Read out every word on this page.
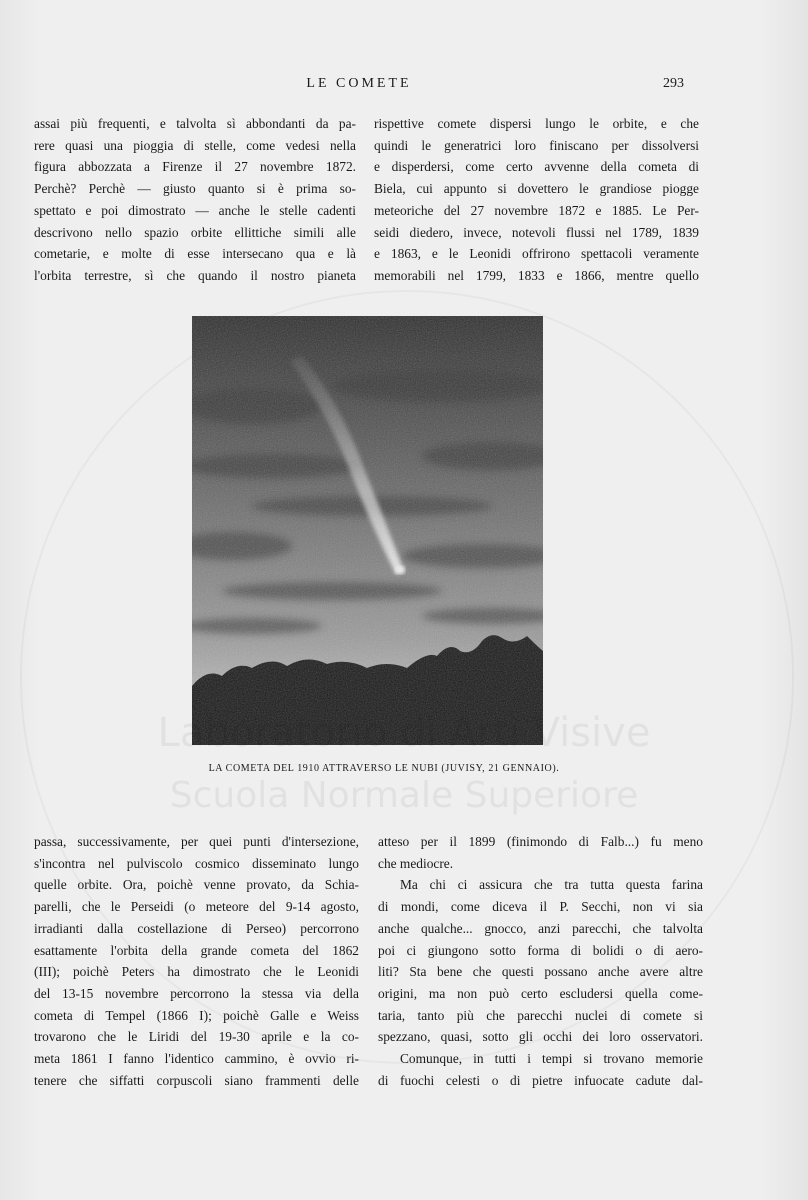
LE COMETE	293
assai più frequenti, e talvolta sì abbondanti da pa-
rere quasi una pioggia di stelle, come vedesi nella
figura abbozzata a Firenze il 27 novembre 1872.
Perchè? Perchè — giusto quanto si è prima so-
spettato e poi dimostrato — anche le stelle cadenti
descrivono nello spazio orbite ellittiche simili alle
cometarie, e molte di esse intersecano qua e là
l'orbita terrestre, sì che quando il nostro pianeta
rispettive comete dispersi lungo le orbite, e che
quindi le generatrici loro finiscano per dissolversi
e disperdersi, come certo avvenne della cometa di
Biela, cui appunto si dovettero le grandiose piogge
meteoriche del 27 novembre 1872 e 1885. Le Per-
seidi diedero, invece, notevoli flussi nel 1789, 1839
e 1863, e le Leonidi offrirono spettacoli veramente
memorabili nel 1799, 1833 e 1866, mentre quello
LA COMETA DEL 1910 ATTRAVERSO LE NUBI (JUVISY, 21 GENNAIO).
passa, successivamente, per quei punti d'intersezione,
s'incontra nel pulviscolo cosmico disseminato lungo
quelle orbite. Ora, poichè venne provato, da Schia-
parelli, che le Perseidi (o meteore del 9-14 agosto,
irradianti dalla costellazione di Perseo) percorrono
esattamente l'orbita della grande cometa del 1862
(III); poichè Peters ha dimostrato che le Leonidi
del 13-15 novembre percorrono la stessa via della
cometa di Tempel (1866 I); poichè Galle e Weiss
trovarono che le Liridi del 19-30 aprile e la co-
meta 1861 I fanno l'identico cammino, è ovvio ri-
tenere che siffatti corpuscoli siano frammenti delle
atteso per il 1899 (finimondo di Falb...) fu meno
che mediocre.
Ma chi ci assicura che tra tutta questa farina
di mondi, come diceva il P. Secchi, non vi sia
anche qualche... gnocco, anzi parecchi, che talvolta
poi ci giungono sotto forma di bolidi o di aero-
liti? Sta bene che questi possano anche avere altre
origini, ma non può certo escludersi quella come-
taria, tanto più che parecchi nuclei di comete si
spezzano, quasi, sotto gli occhi dei loro osservatori.
Comunque, in tutti i tempi si trovano memorie
di fuochi celesti o di pietre infuocate cadute dal-
Laboratorio di Arti Visive
Scuola Normale Superiore
